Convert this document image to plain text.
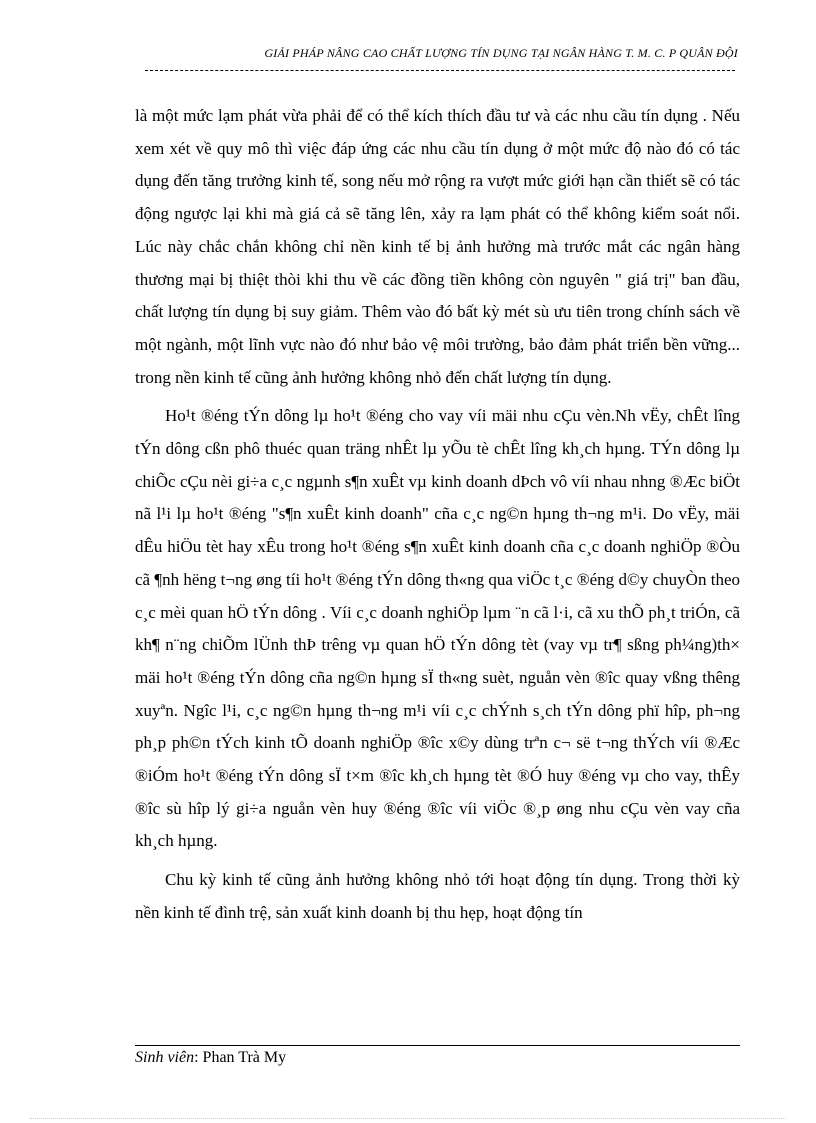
GIẢI PHÁP NÂNG CAO CHẤT LƯỢNG TÍN DỤNG TẠI NGÂN HÀNG T. M. C. P QUÂN ĐỘI

là một mức lạm phát vừa phải để có thể kích thích đầu tư và các nhu cầu tín dụng . Nếu xem xét về quy mô thì việc đáp ứng các nhu cầu tín dụng ở một mức độ nào đó có tác dụng đến tăng trưởng kinh tế, song nếu mở rộng ra vượt mức giới hạn cần thiết sẽ có tác động ngược lại khi mà giá cả sẽ tăng lên, xảy ra lạm phát có thể không kiểm soát nổi. Lúc này chắc chắn không chỉ nền kinh tế bị ảnh hưởng mà trước mắt các ngân hàng thương mại bị thiệt thòi khi thu về các đồng tiền không còn nguyên " giá trị" ban đầu, chất lượng tín dụng bị suy giảm. Thêm vào đó bất kỳ mét sù ưu tiên trong chính sách về một ngành, một lĩnh vực nào đó như bảo vệ môi trường, bảo đảm phát triển bền vững... trong nền kinh tế cũng ảnh hưởng không nhỏ đến chất lượng tín dụng.

Ho¹t ®éng tÝn dông lµ ho¹t ®éng cho vay víi mäi nhu cÇu vèn.Nh vËy, chÊt lîng tÝn dông cßn phô thuéc quan träng nhÊt lµ yÕu tè chÊt lîng kh¸ch hµng. TÝn dông lµ chiÕc cÇu nèi gi÷a c¸c ngµnh s¶n xuÊt vµ kinh doanh dÞch vô víi nhau nhng ®Æc biÖt nã l¹i lµ ho¹t ®éng "s¶n xuÊt kinh doanh" cña c¸c ng©n hµng th¬ng m¹i. Do vËy, mäi dÊu hiÖu tèt hay xÊu trong ho¹t ®éng s¶n xuÊt kinh doanh cña c¸c doanh nghiÖp ®Òu cã ¶nh hëng t¬ng øng tíi ho¹t ®éng tÝn dông th«ng qua viÖc t¸c ®éng d©y chuyÒn theo c¸c mèi quan hÖ tÝn dông . Víi c¸c doanh nghiÖp lµm ¨n cã l·i, cã xu thÕ ph¸t triÓn, cã kh¶ n¨ng chiÕm lÜnh thÞ trêng vµ quan hÖ tÝn dông tèt (vay vµ tr¶ sßng ph¼ng)th× mäi ho¹t ®éng tÝn dông cña ng©n hµng sÏ th«ng suèt, nguån vèn ®îc quay vßng thêng xuyªn. Ngîc l¹i, c¸c ng©n hµng th¬ng m¹i víi c¸c chÝnh s¸ch tÝn dông phï hîp, ph¬ng ph¸p ph©n tÝch kinh tÕ doanh nghiÖp ®îc x©y dùng trªn c¬ së t¬ng thÝch víi ®Æc ®iÓm ho¹t ®éng tÝn dông sÏ t×m ®îc kh¸ch hµng tèt ®Ó huy ®éng vµ cho vay, thÊy ®îc sù hîp lý gi÷a nguån vèn huy ®éng ®îc víi viÖc ®¸p øng nhu cÇu vèn vay cña kh¸ch hµng.

Chu kỳ kinh tế cũng ảnh hưởng không nhỏ tới hoạt động tín dụng. Trong thời kỳ nền kinh tế đình trệ, sản xuất kinh doanh bị thu hẹp, hoạt động tín

Sinh viên: Phan Trà My
